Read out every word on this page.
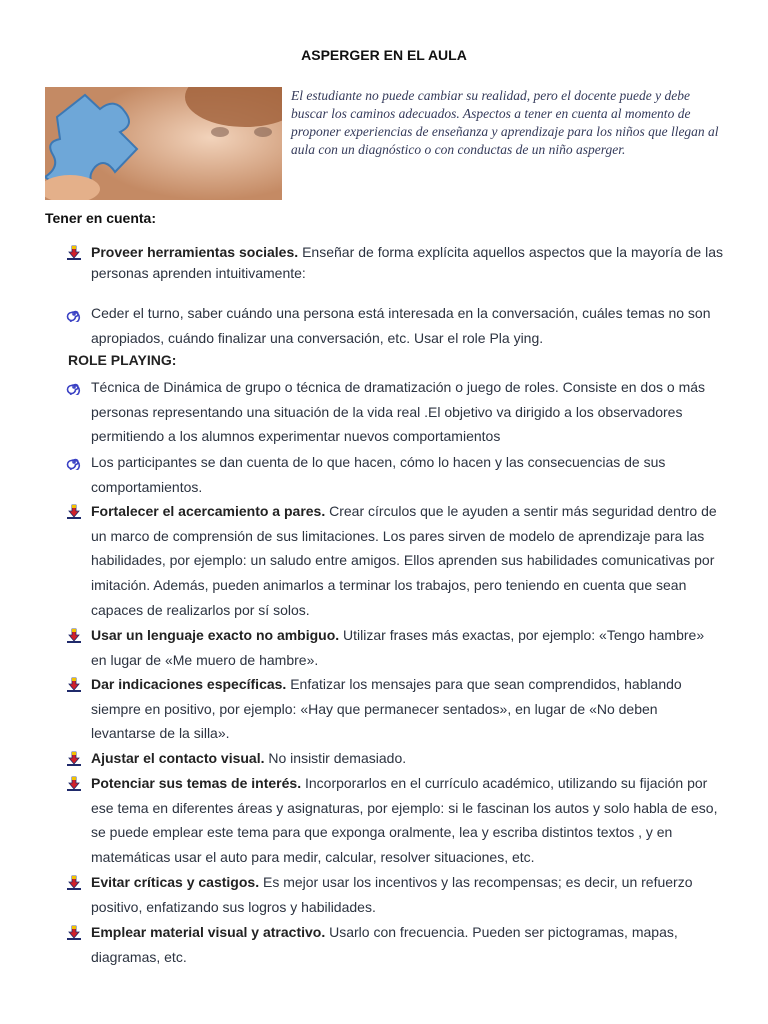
ASPERGER EN EL AULA
El estudiante no puede cambiar su realidad, pero el docente puede y debe buscar los caminos adecuados. Aspectos a tener en cuenta al momento de proponer experiencias de enseñanza y aprendizaje para los niños que llegan al aula con un diagnóstico o con conductas de un niño asperger.
Tener en cuenta:
Proveer herramientas sociales. Enseñar de forma explícita aquellos aspectos que la mayoría de las personas aprenden intuitivamente:
Ceder el turno, saber cuándo una persona está interesada en la conversación, cuáles temas no son apropiados, cuándo finalizar una conversación, etc. Usar el role Pla ying.
ROLE PLAYING:
Técnica de Dinámica de grupo o técnica de dramatización o juego de roles. Consiste en dos o más personas representando una situación de la vida real .El objetivo va dirigido a los observadores permitiendo a los alumnos experimentar nuevos comportamientos
Los participantes se dan cuenta de lo que hacen, cómo lo hacen y las consecuencias de sus comportamientos.
Fortalecer el acercamiento a pares. Crear círculos que le ayuden a sentir más seguridad dentro de un marco de comprensión de sus limitaciones. Los pares sirven de modelo de aprendizaje para las habilidades, por ejemplo: un saludo entre amigos. Ellos aprenden sus habilidades comunicativas por imitación. Además, pueden animarlos a terminar los trabajos, pero teniendo en cuenta que sean capaces de realizarlos por sí solos.
Usar un lenguaje exacto no ambiguo. Utilizar frases más exactas, por ejemplo: «Tengo hambre» en lugar de «Me muero de hambre».
Dar indicaciones específicas. Enfatizar los mensajes para que sean comprendidos, hablando siempre en positivo, por ejemplo: «Hay que permanecer sentados», en lugar de «No deben levantarse de la silla».
Ajustar el contacto visual. No insistir demasiado.
Potenciar sus temas de interés. Incorporarlos en el currículo académico, utilizando su fijación por ese tema en diferentes áreas y asignaturas, por ejemplo: si le fascinan los autos y solo habla de eso, se puede emplear este tema para que exponga oralmente, lea y escriba distintos textos , y en matemáticas usar el auto para medir, calcular, resolver situaciones, etc.
Evitar críticas y castigos. Es mejor usar los incentivos y las recompensas; es decir, un refuerzo positivo, enfatizando sus logros y habilidades.
Emplear material visual y atractivo. Usarlo con frecuencia. Pueden ser pictogramas, mapas, diagramas, etc.
